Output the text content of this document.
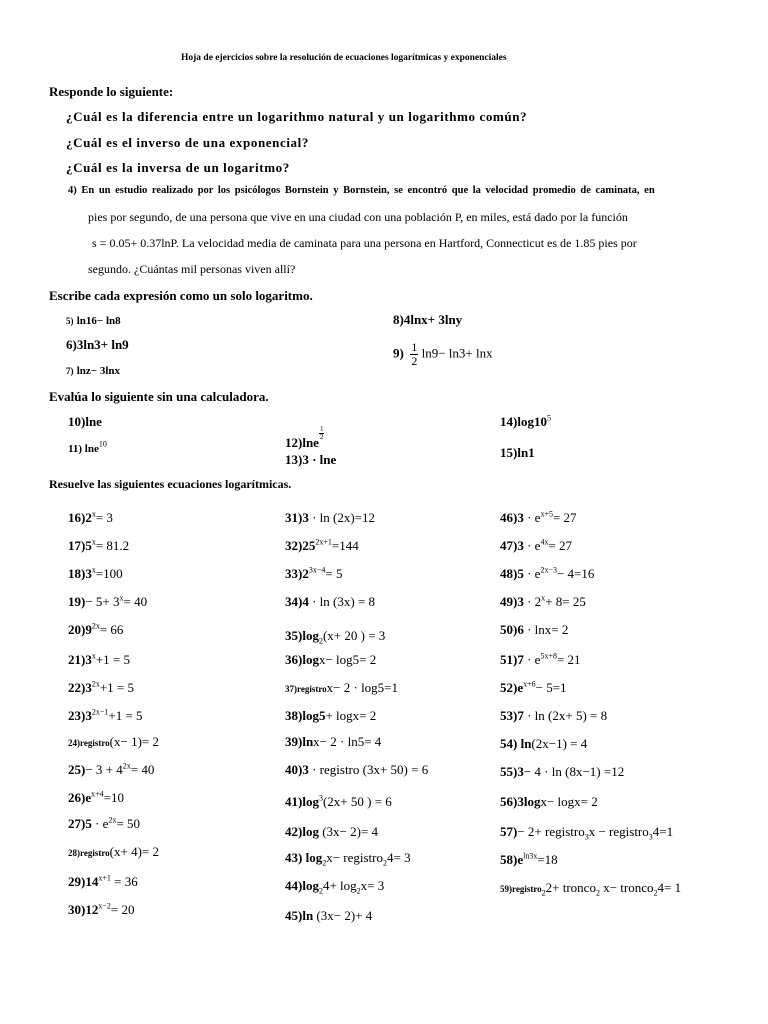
Hoja de ejercicios sobre la resolución de ecuaciones logarítmicas y exponenciales
Responde lo siguiente:
¿Cuál es la diferencia entre un logarithmo natural y un logarithmo común?
¿Cuál es el inverso de una exponencial?
¿Cuál es la inversa de un logaritmo?
4) En un estudio realizado por los psicólogos Bornstein y Bornstein, se encontró que la velocidad promedio de caminata, en
pies por segundo, de una persona que vive en una ciudad con una población P, en miles, está dado por la función
s = 0.05+ 0.37lnP. La velocidad media de caminata para una persona en Hartford, Connecticut es de 1.85 pies por
segundo. ¿Cuántas mil personas viven allí?
Escribe cada expresión como un solo logaritmo.
5) ln16− ln8
6)3ln3+ ln9
7) lnz− 3lnx
8)4lnx+ 3lny
$9) \frac{1}{2} \ln 9- \ln 3+ \ln x$
Evalúa lo siguiente sin una calculadora.
10)lne
11) lne$^{10}$	12)lne
$\frac{1}{2}$
13)3 · lne
$14)\log 10^5$
15)ln1
Resuelve las siguientes ecuaciones logarítmicas.
$16)2^x= 3$
$17)5^x= 81.2$
$18)3^x=100$
$19)- 5+ 3^x= 40$
$20)9^{2x}= 66$
$21)3^x+1 = 5$
$22)3^{2x}+1 = 5$
$23)3^{2x-1}+1 = 5$
24)registro(x− 1)= 2
$25)- 3 + 4^{2x}= 40$
$26)e^{x+4}=10$
$27)5 \cdot e^{2x}= 50$
28)registro(x+ 4)= 2
$29)14^{x+1} = 36$
$30)12^{x-2}= 20$
31)3 · ln (2x)=12
$32)25^{2x+1}=144$
$33)2^{3x-4}= 5$
34)4 · ln (3x) = 8
$35)\log_2(x+ 20$ ) = 3
36)logx− log5= 2
37)registrox− 2 · log5=1
38)log5+ logx= 2
39)lnx− 2 · ln5= 4
40)3 · registro (3x+ 50) = 6
$41)\log^3(2x+ 50$ ) = 6
42)log (3x− 2)= 4
43) $\log_2x-$ registro$_2$4= 3
$44)\log_24+ \log_2x= 3$
45)ln (3x− 2)+ 4
$46)3 \cdot e^{x+5}= 27$
$47)3 \cdot e^{4x}= 27$
$48)5 \cdot e^{2x-3}- 4=16$
$49)3 \cdot 2^x+ 8= 25$
50)6 · lnx= 2
$51)7 \cdot e^{5x+8}= 21$
$52)e^{x+6}- 5=1$
53)7 · ln (2x+ 5) = 8
54) ln(2x−1) = 4
55)3− 4 · ln (8x−1) =12
56)3logx− logx= 2
57)− 2+ registro$_3$x − registro$_3$4=1
$58)e^{ln3x}=18$
59)registro$_2$2+ tronco$_2$ x− tronco$_2$4= 1
